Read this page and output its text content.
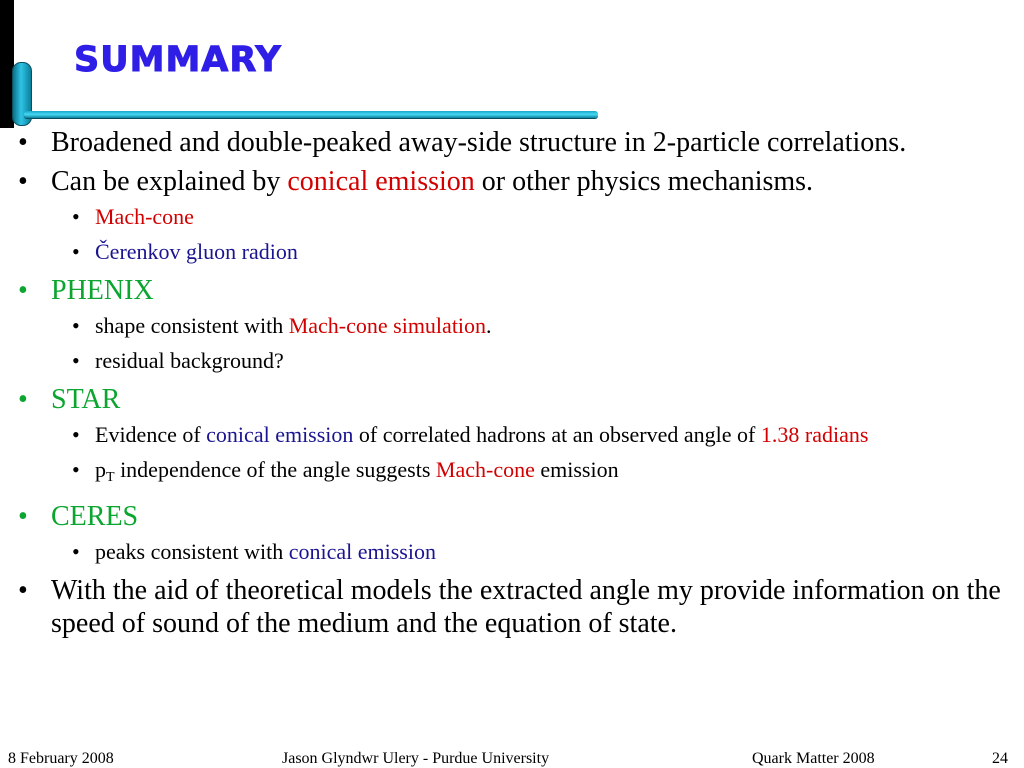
summary
• Broadened and double-peaked away-side structure in 2-particle correlations.
• Can be explained by conical emission or other physics mechanisms.
• Mach-cone
• Čerenkov gluon radion
• PHENIX
• shape consistent with Mach-cone simulation.
• residual background?
• STAR
• Evidence of conical emission of correlated hadrons at an observed angle of 1.38 radians
• $p_T$ independence of the angle suggests Mach-cone emission
• CERES
• peaks consistent with conical emission
• With the aid of theoretical models the extracted angle my provide information on the speed of sound of the medium and the equation of state.
8 February 2008	Jason Glyndwr Ulery - Purdue University	Quark Matter 2008	24
